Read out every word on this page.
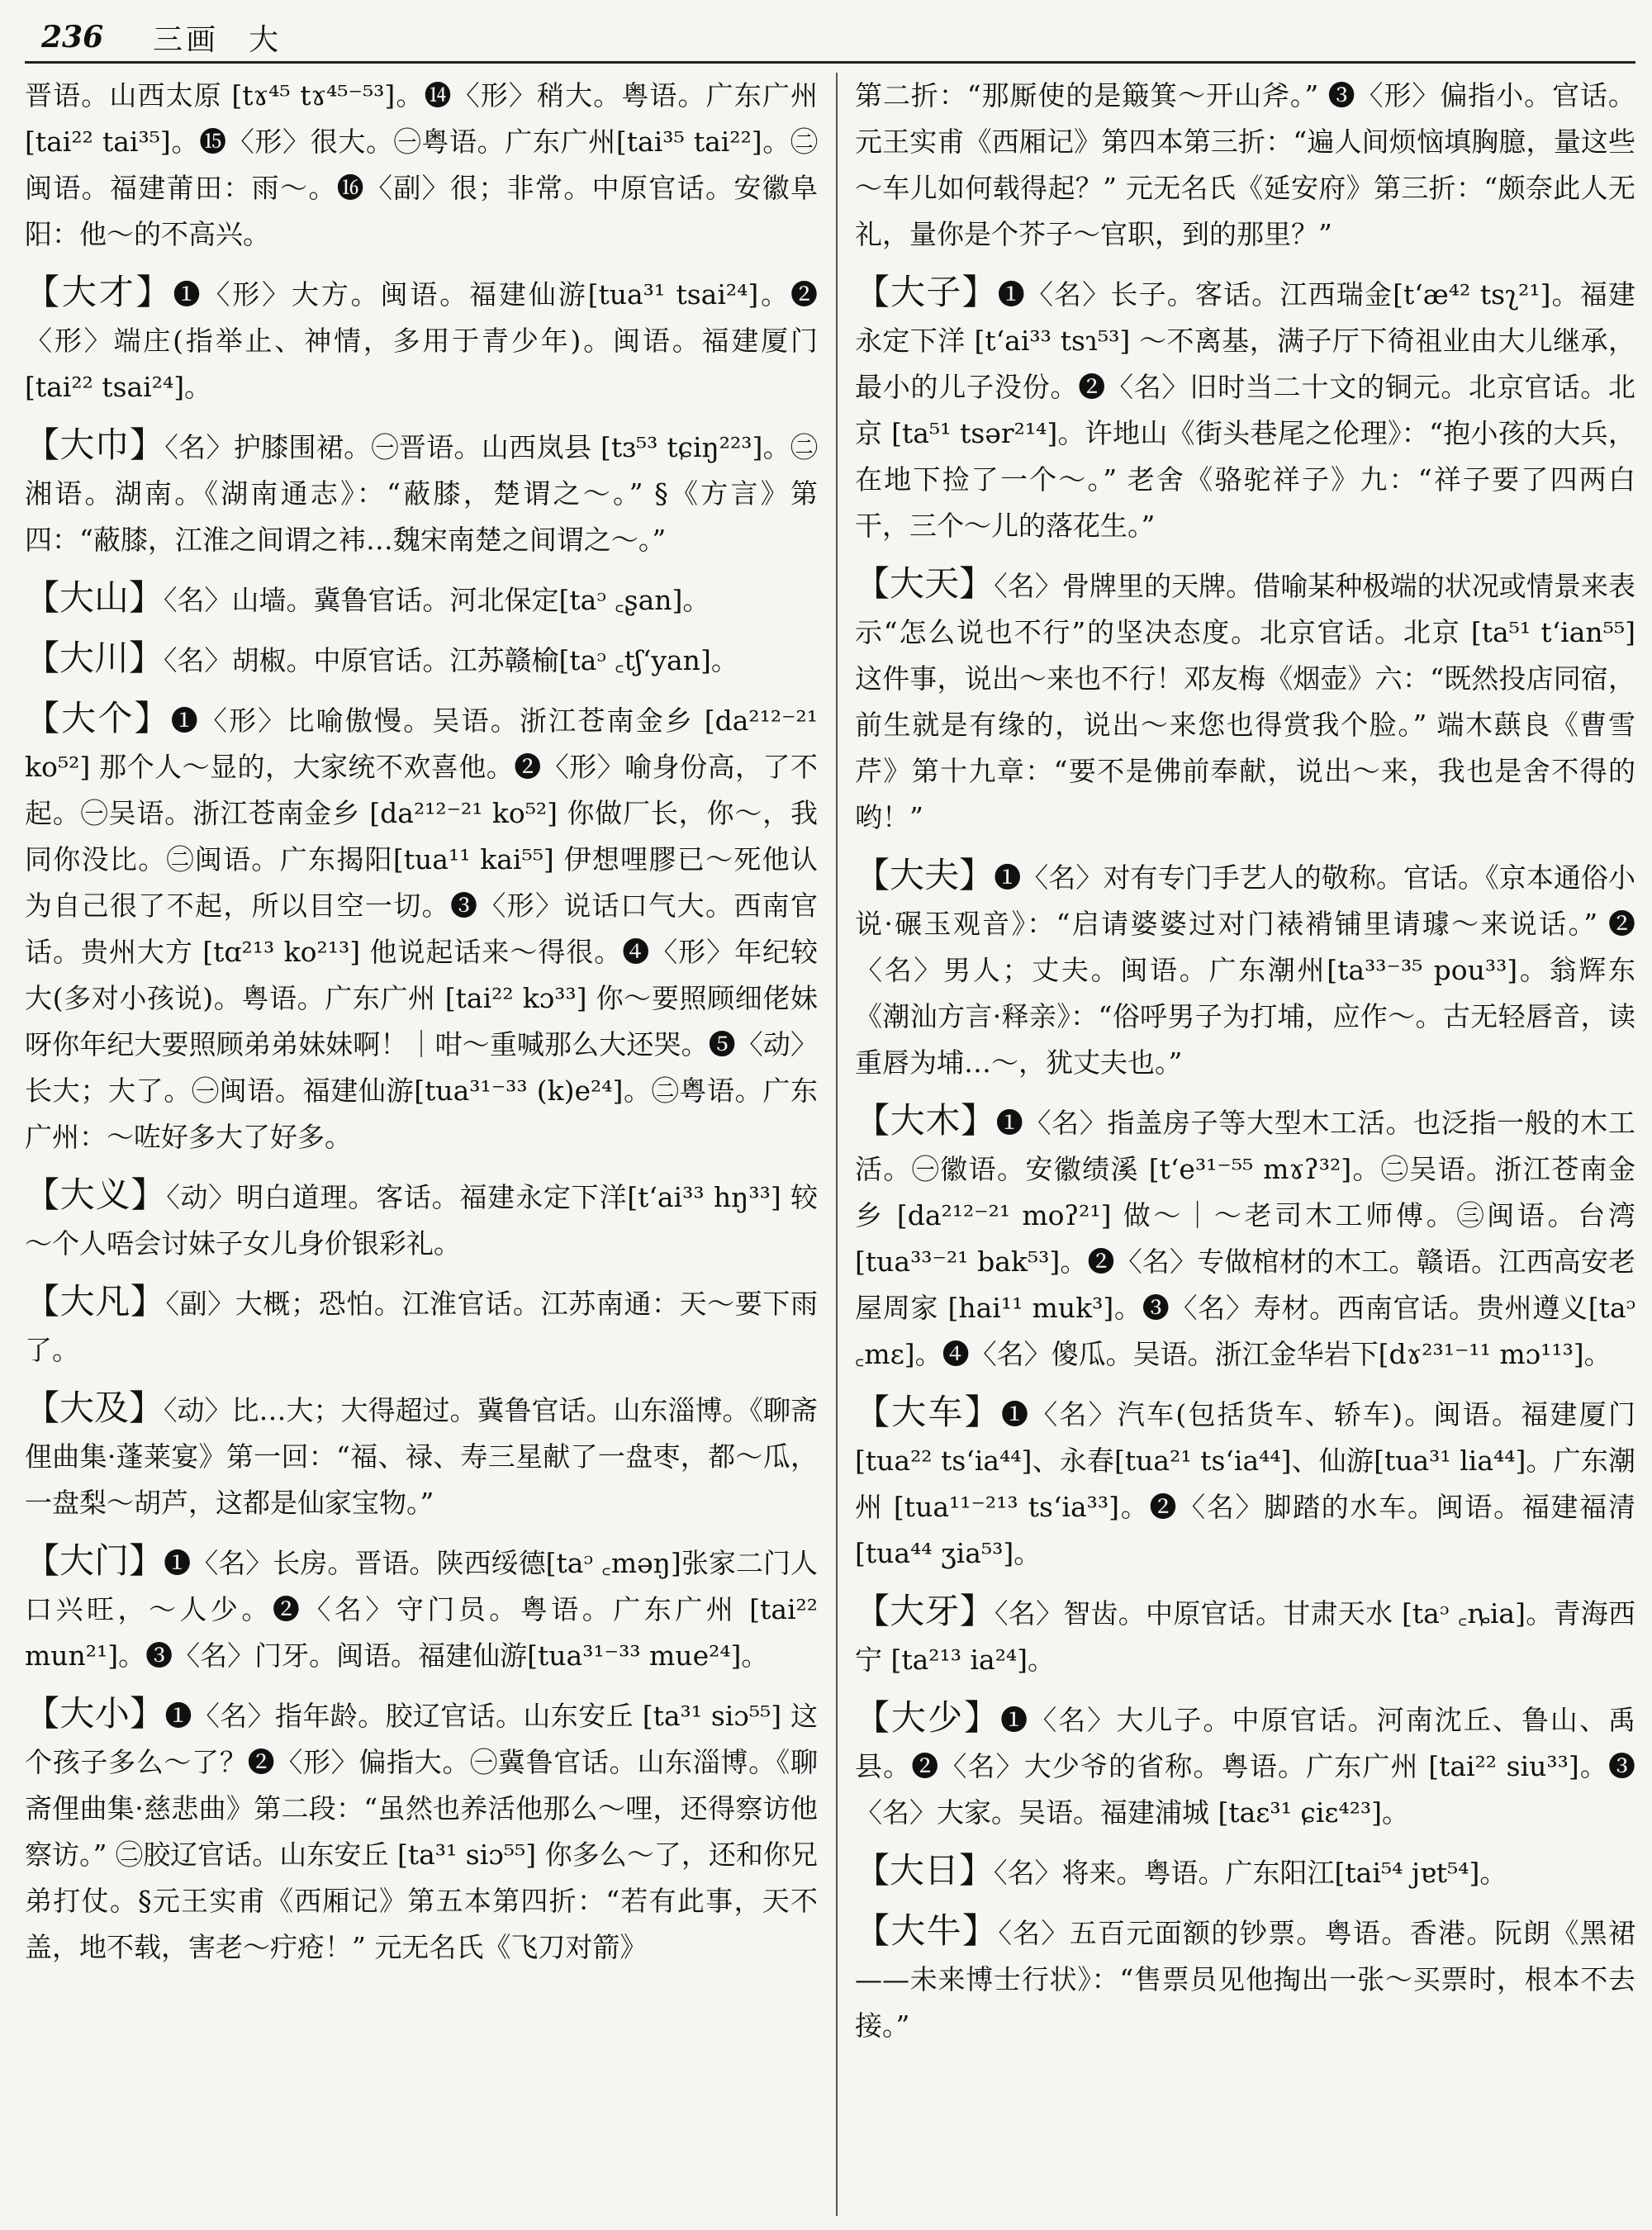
236 三画 大

晋语。山西太原 [tɤ⁴⁵ tɤ⁴⁵⁻⁵³]。⓮〈形〉稍大。粤语。广东广州 [tai²² tai³⁵]。⓯〈形〉很大。㊀粤语。广东广州[tai³⁵ tai²²]。㊁闽语。福建莆田：雨～。⓰〈副〉很；非常。中原官话。安徽阜阳：他～的不高兴。

【大才】❶〈形〉大方。闽语。福建仙游[tua³¹ tsai²⁴]。❷〈形〉端庄(指举止、神情，多用于青少年)。闽语。福建厦门 [tai²² tsai²⁴]。

【大巾】〈名〉护膝围裙。㊀晋语。山西岚县 [tɜ⁵³ tɕiŋ²²³]。㊁湘语。湖南。《湖南通志》：“蔽膝，楚谓之～。” §《方言》第四：“蔽膝，江淮之间谓之袆…魏宋南楚之间谓之～。”

【大山】〈名〉山墙。冀鲁官话。河北保定[taᵓ ꜀ʂan]。

【大川】〈名〉胡椒。中原官话。江苏赣榆[taᵓ ꜀tʃʻyan]。

【大个】❶〈形〉比喻傲慢。吴语。浙江苍南金乡 [da²¹²⁻²¹ ko⁵²] 那个人～显的，大家统不欢喜他。❷〈形〉喻身份高，了不起。㊀吴语。浙江苍南金乡 [da²¹²⁻²¹ ko⁵²] 你做厂长，你～，我同你没比。㊁闽语。广东揭阳[tua¹¹ kai⁵⁵] 伊想哩膠已～死他认为自己很了不起，所以目空一切。❸〈形〉说话口气大。西南官话。贵州大方 [tɑ²¹³ ko²¹³] 他说起话来～得很。❹〈形〉年纪较大(多对小孩说)。粤语。广东广州 [tai²² kɔ³³] 你～要照顾细佬妹呀你年纪大要照顾弟弟妹妹啊！｜咁～重喊那么大还哭。❺〈动〉长大；大了。㊀闽语。福建仙游[tua³¹⁻³³ (k)e²⁴]。㊁粤语。广东广州：～咗好多大了好多。

【大义】〈动〉明白道理。客话。福建永定下洋[tʻai³³ hŋ³³] 较～个人唔会讨妹子女儿身价银彩礼。

【大凡】〈副〉大概；恐怕。江淮官话。江苏南通：天～要下雨了。

【大及】〈动〉比…大；大得超过。冀鲁官话。山东淄博。《聊斋俚曲集·蓬莱宴》第一回：“福、禄、寿三星献了一盘枣，都～瓜，一盘梨～胡芦，这都是仙家宝物。”

【大门】❶〈名〉长房。晋语。陕西绥德[taᵓ ꜀məŋ]张家二门人口兴旺，～人少。❷〈名〉守门员。粤语。广东广州 [tai²² mun²¹]。❸〈名〉门牙。闽语。福建仙游[tua³¹⁻³³ mue²⁴]。

【大小】❶〈名〉指年龄。胶辽官话。山东安丘 [ta³¹ siɔ⁵⁵] 这个孩子多么～了？❷〈形〉偏指大。㊀冀鲁官话。山东淄博。《聊斋俚曲集·慈悲曲》第二段：“虽然也养活他那么～哩，还得察访他察访。” ㊁胶辽官话。山东安丘 [ta³¹ siɔ⁵⁵] 你多么～了，还和你兄弟打仗。§元王实甫《西厢记》第五本第四折：“若有此事，天不盖，地不载，害老～疔疮！” 元无名氏《飞刀对箭》

第二折：“那厮使的是簸箕～开山斧。” ❸〈形〉偏指小。官话。元王实甫《西厢记》第四本第三折：“遍人间烦恼填胸臆，量这些～车儿如何载得起？” 元无名氏《延安府》第三折：“颇奈此人无礼，量你是个芥子～官职，到的那里？”

【大子】❶〈名〉长子。客话。江西瑞金[tʻæ⁴² tsʅ²¹]。福建永定下洋 [tʻai³³ tsɿ⁵³] ～不离基，满子厅下徛祖业由大儿继承，最小的儿子没份。❷〈名〉旧时当二十文的铜元。北京官话。北京 [ta⁵¹ tsər²¹⁴]。许地山《街头巷尾之伦理》：“抱小孩的大兵，在地下捡了一个～。” 老舍《骆驼祥子》九：“祥子要了四两白干，三个～儿的落花生。”

【大天】〈名〉骨牌里的天牌。借喻某种极端的状况或情景来表示“怎么说也不行”的坚决态度。北京官话。北京 [ta⁵¹ tʻian⁵⁵] 这件事，说出～来也不行！邓友梅《烟壶》六：“既然投店同宿，前生就是有缘的，说出～来您也得赏我个脸。” 端木蕻良《曹雪芹》第十九章：“要不是佛前奉献，说出～来，我也是舍不得的哟！”

【大夫】❶〈名〉对有专门手艺人的敬称。官话。《京本通俗小说·碾玉观音》：“启请婆婆过对门裱褙铺里请璩～来说话。” ❷〈名〉男人；丈夫。闽语。广东潮州[ta³³⁻³⁵ pou³³]。翁辉东《潮汕方言·释亲》：“俗呼男子为打埔，应作～。古无轻唇音，读重唇为埔…～，犹丈夫也。”

【大木】❶〈名〉指盖房子等大型木工活。也泛指一般的木工活。㊀徽语。安徽绩溪 [tʻe³¹⁻⁵⁵ mɤʔ³²]。㊁吴语。浙江苍南金乡 [da²¹²⁻²¹ moʔ²¹] 做～｜～老司木工师傅。㊂闽语。台湾[tua³³⁻²¹ bak⁵³]。❷〈名〉专做棺材的木工。赣语。江西高安老屋周家 [hai¹¹ muk³]。❸〈名〉寿材。西南官话。贵州遵义[taᵓ ꜀mɛ]。❹〈名〉傻瓜。吴语。浙江金华岩下[dɤ²³¹⁻¹¹ mɔ¹¹³]。

【大车】❶〈名〉汽车(包括货车、轿车)。闽语。福建厦门[tua²² tsʻia⁴⁴]、永春[tua²¹ tsʻia⁴⁴]、仙游[tua³¹ lia⁴⁴]。广东潮州 [tua¹¹⁻²¹³ tsʻia³³]。❷〈名〉脚踏的水车。闽语。福建福清 [tua⁴⁴ ʒia⁵³]。

【大牙】〈名〉智齿。中原官话。甘肃天水 [taᵓ ꜀ȵia]。青海西宁 [ta²¹³ ia²⁴]。

【大少】❶〈名〉大儿子。中原官话。河南沈丘、鲁山、禹县。❷〈名〉大少爷的省称。粤语。广东广州 [tai²² siu³³]。❸〈名〉大家。吴语。福建浦城 [taɛ³¹ ɕiɛ⁴²³]。

【大日】〈名〉将来。粤语。广东阳江[tai⁵⁴ jɐt⁵⁴]。

【大牛】〈名〉五百元面额的钞票。粤语。香港。阮朗《黑裙——未来博士行状》：“售票员见他掏出一张～买票时，根本不去接。”
